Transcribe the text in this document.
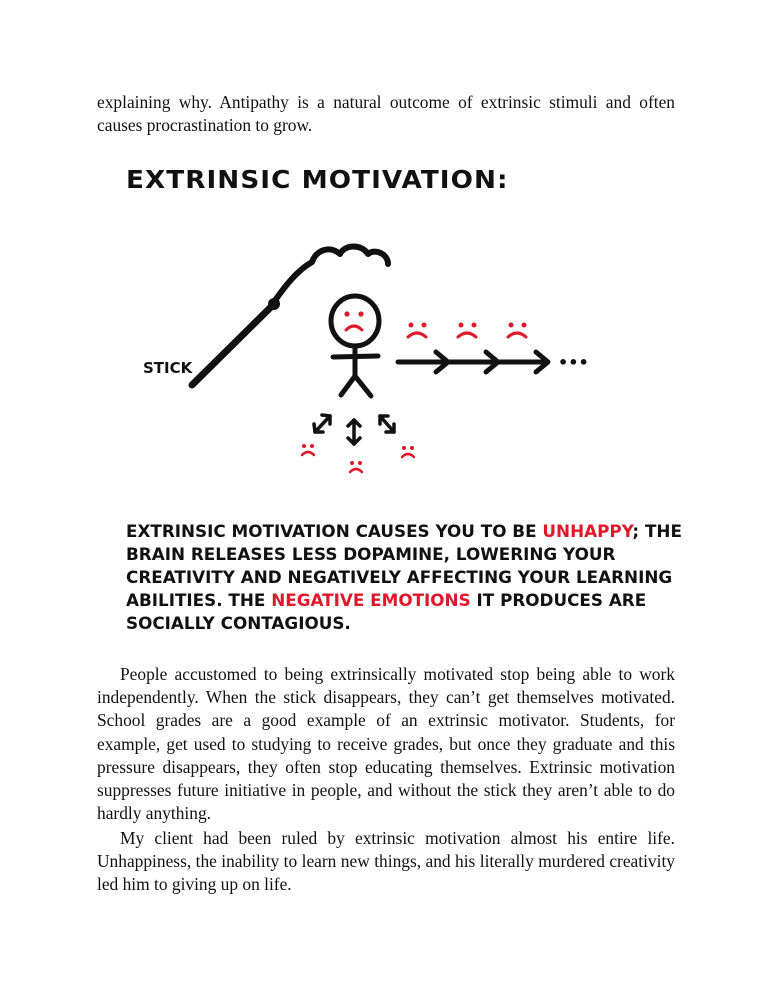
explaining why. Antipathy is a natural outcome of extrinsic stimuli and often causes procrastination to grow.

EXTRINSIC MOTIVATION:
•••
STICK

EXTRINSIC MOTIVATION CAUSES YOU TO BE UNHAPPY; THE BRAIN RELEASES LESS DOPAMINE, LOWERING YOUR CREATIVITY AND NEGATIVELY AFFECTING YOUR LEARNING ABILITIES. THE NEGATIVE EMOTIONS IT PRODUCES ARE SOCIALLY CONTAGIOUS.

People accustomed to being extrinsically motivated stop being able to work independently. When the stick disappears, they can’t get themselves motivated. School grades are a good example of an extrinsic motivator. Students, for example, get used to studying to receive grades, but once they graduate and this pressure disappears, they often stop educating themselves. Extrinsic motivation suppresses future initiative in people, and without the stick they aren’t able to do hardly anything.

My client had been ruled by extrinsic motivation almost his entire life. Unhappiness, the inability to learn new things, and his literally murdered creativity led him to giving up on life.
